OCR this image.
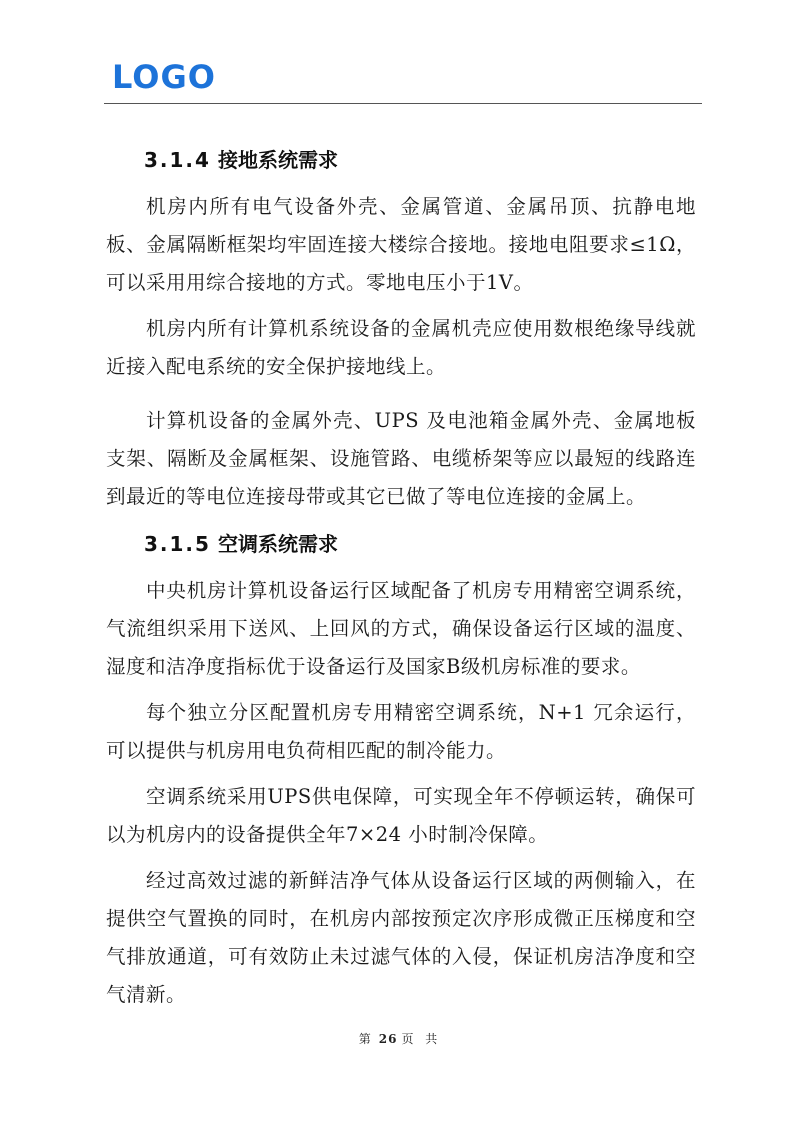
LOGO
3.1.4 接地系统需求

机房内所有电气设备外壳、金属管道、金属吊顶、抗静电地板、金属隔断框架均牢固连接大楼综合接地。接地电阻要求≤1Ω，可以采用用综合接地的方式。零地电压小于1V。

机房内所有计算机系统设备的金属机壳应使用数根绝缘导线就近接入配电系统的安全保护接地线上。

计算机设备的金属外壳、UPS 及电池箱金属外壳、金属地板支架、隔断及金属框架、设施管路、电缆桥架等应以最短的线路连到最近的等电位连接母带或其它已做了等电位连接的金属上。

3.1.5 空调系统需求

中央机房计算机设备运行区域配备了机房专用精密空调系统，气流组织采用下送风、上回风的方式，确保设备运行区域的温度、湿度和洁净度指标优于设备运行及国家B级机房标准的要求。

每个独立分区配置机房专用精密空调系统，N+1 冗余运行，可以提供与机房用电负荷相匹配的制冷能力。

空调系统采用UPS供电保障，可实现全年不停顿运转，确保可以为机房内的设备提供全年7×24 小时制冷保障。

经过高效过滤的新鲜洁净气体从设备运行区域的两侧输入，在提供空气置换的同时，在机房内部按预定次序形成微正压梯度和空气排放通道，可有效防止未过滤气体的入侵，保证机房洁净度和空气清新。

第 26 页 共
